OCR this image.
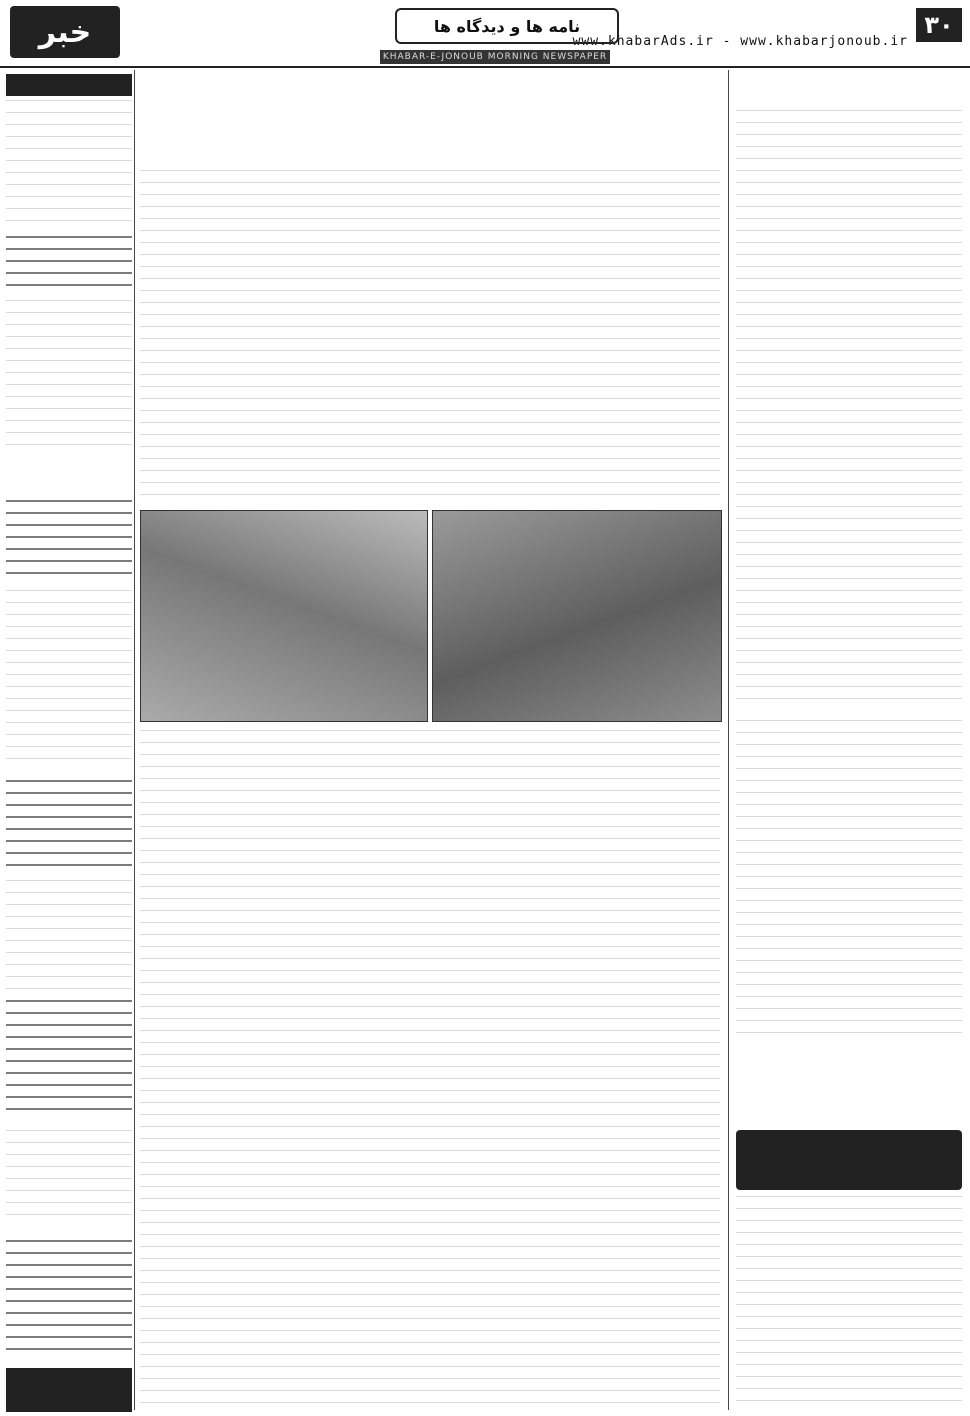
۳۰
www.khabarAds.ir - www.khabarjonoub.ir
نامه ها و دیدگاه ها
خبر
KHABAR-E-JONOUB MORNING NEWSPAPER
